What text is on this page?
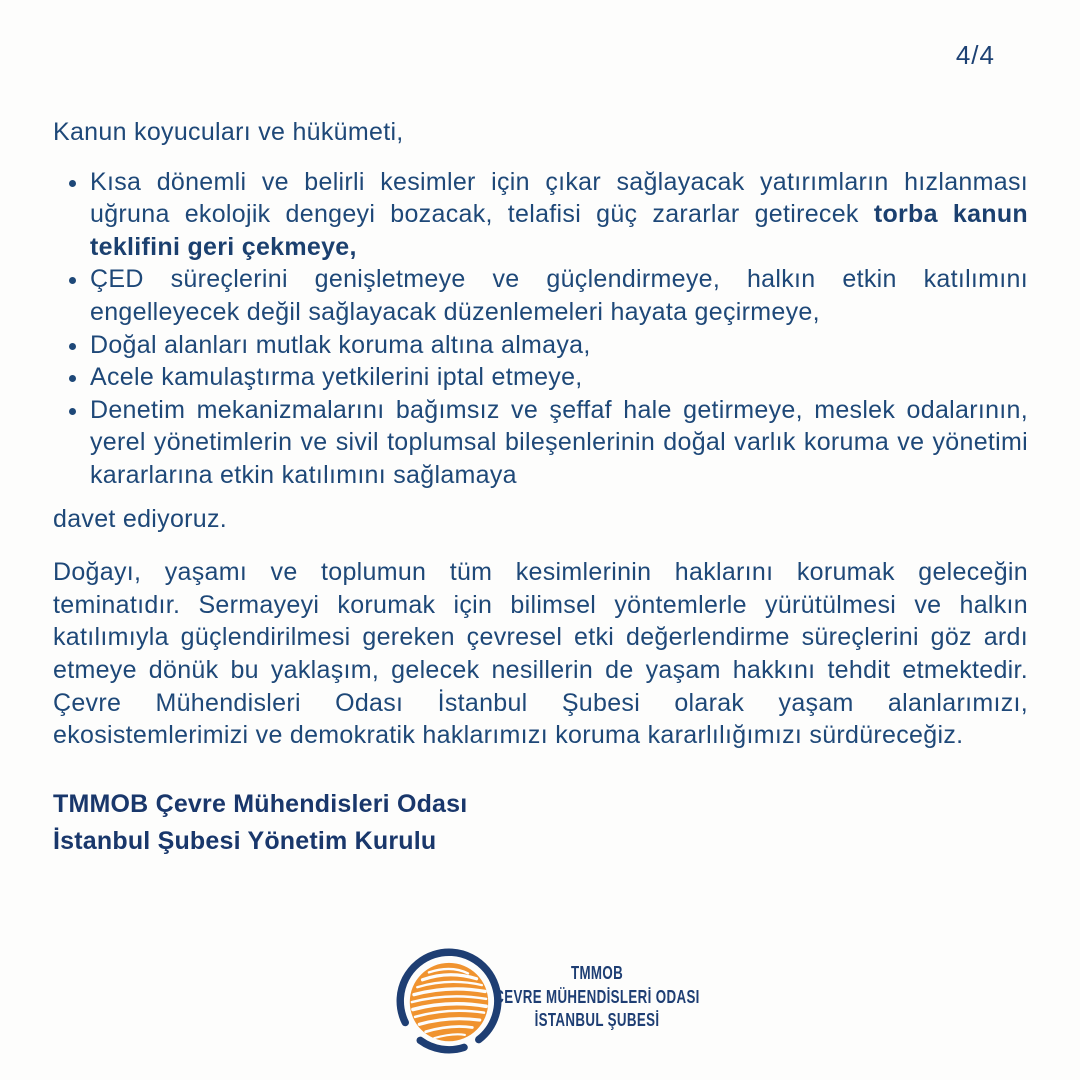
4/4

Kanun koyucuları ve hükümeti,

• Kısa dönemli ve belirli kesimler için çıkar sağlayacak yatırımların hızlanması uğruna ekolojik dengeyi bozacak, telafisi güç zararlar getirecek torba kanun teklifini geri çekmeye,
• ÇED süreçlerini genişletmeye ve güçlendirmeye, halkın etkin katılımını engelleyecek değil sağlayacak düzenlemeleri hayata geçirmeye,
• Doğal alanları mutlak koruma altına almaya,
• Acele kamulaştırma yetkilerini iptal etmeye,
• Denetim mekanizmalarını bağımsız ve şeffaf hale getirmeye, meslek odalarının, yerel yönetimlerin ve sivil toplumsal bileşenlerinin doğal varlık koruma ve yönetimi kararlarına etkin katılımını sağlamaya

davet ediyoruz.

Doğayı, yaşamı ve toplumun tüm kesimlerinin haklarını korumak geleceğin teminatıdır. Sermayeyi korumak için bilimsel yöntemlerle yürütülmesi ve halkın katılımıyla güçlendirilmesi gereken çevresel etki değerlendirme süreçlerini göz ardı etmeye dönük bu yaklaşım, gelecek nesillerin de yaşam hakkını tehdit etmektedir. Çevre Mühendisleri Odası İstanbul Şubesi olarak yaşam alanlarımızı, ekosistemlerimizi ve demokratik haklarımızı koruma kararlılığımızı sürdüreceğiz.

TMMOB Çevre Mühendisleri Odası
İstanbul Şubesi Yönetim Kurulu
TMMOB
ÇEVRE MÜHENDİSLERİ ODASI
İSTANBUL ŞUBESİ
